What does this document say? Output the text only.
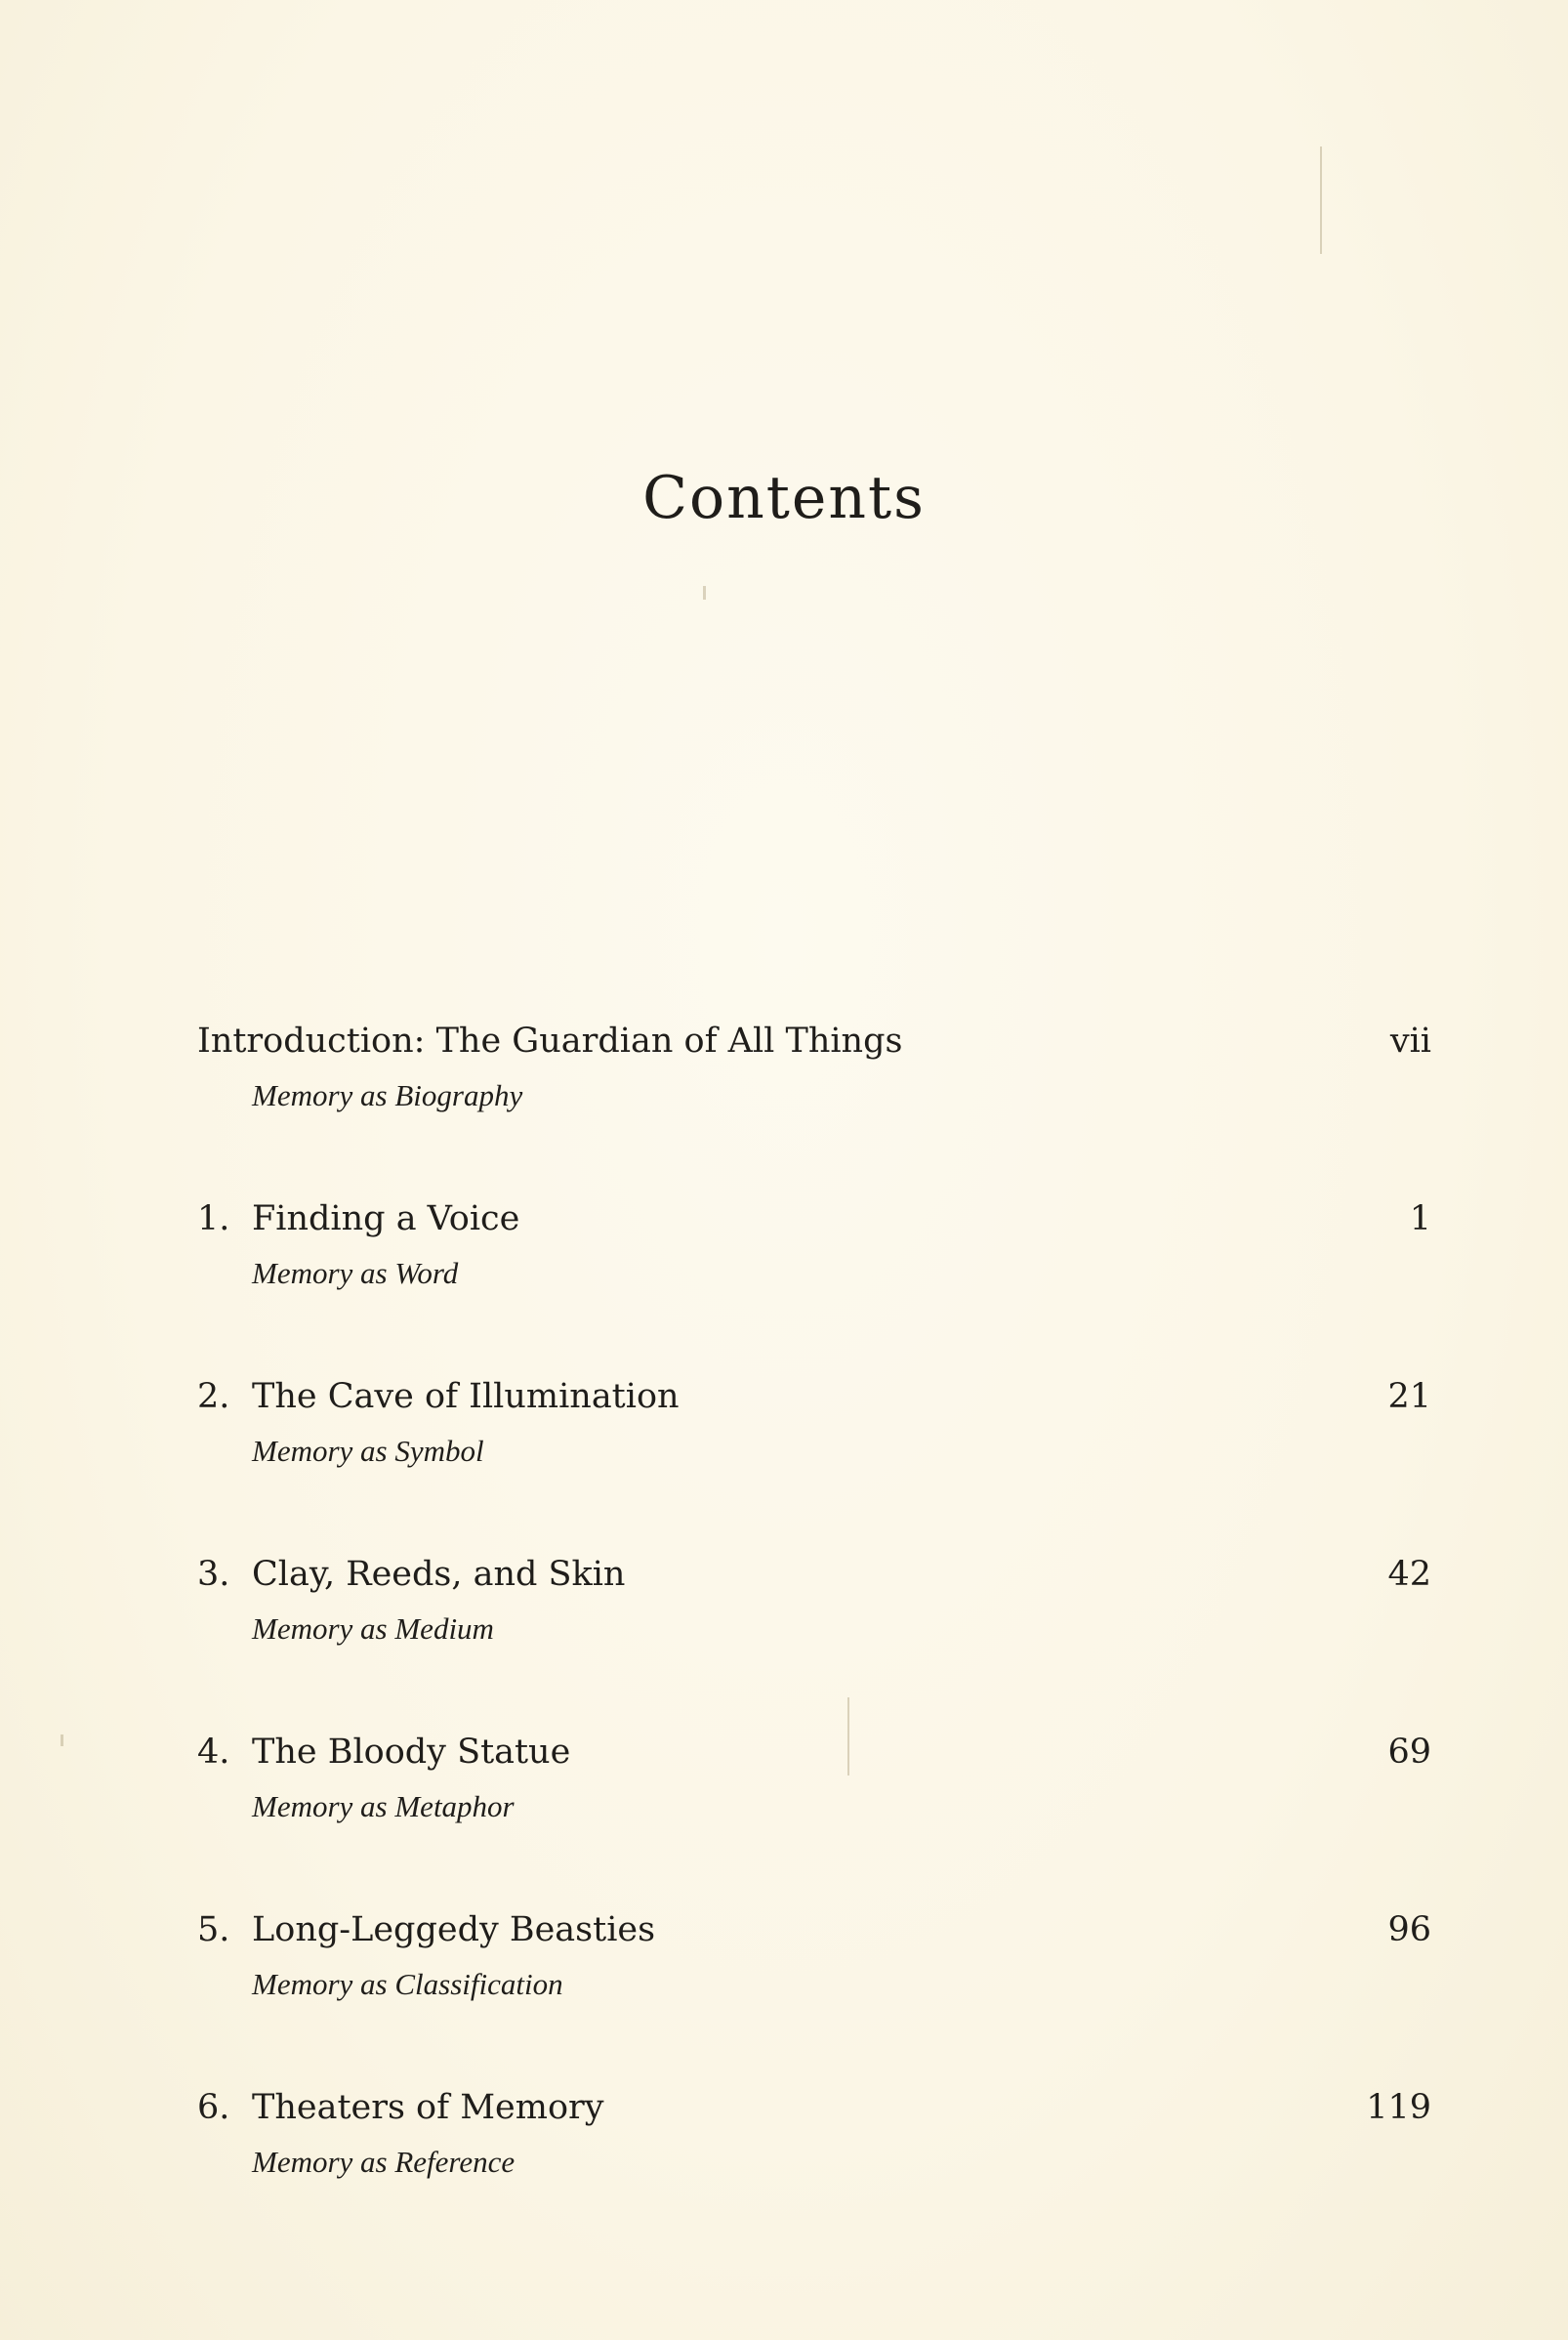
Contents
Introduction: The Guardian of All Things
Memory as Biography
vii
1. Finding a Voice
Memory as Word
1
2. The Cave of Illumination
Memory as Symbol
21
3. Clay, Reeds, and Skin
Memory as Medium
42
4. The Bloody Statue
Memory as Metaphor
69
5. Long-Leggedy Beasties
Memory as Classification
96
6. Theaters of Memory
Memory as Reference
119
